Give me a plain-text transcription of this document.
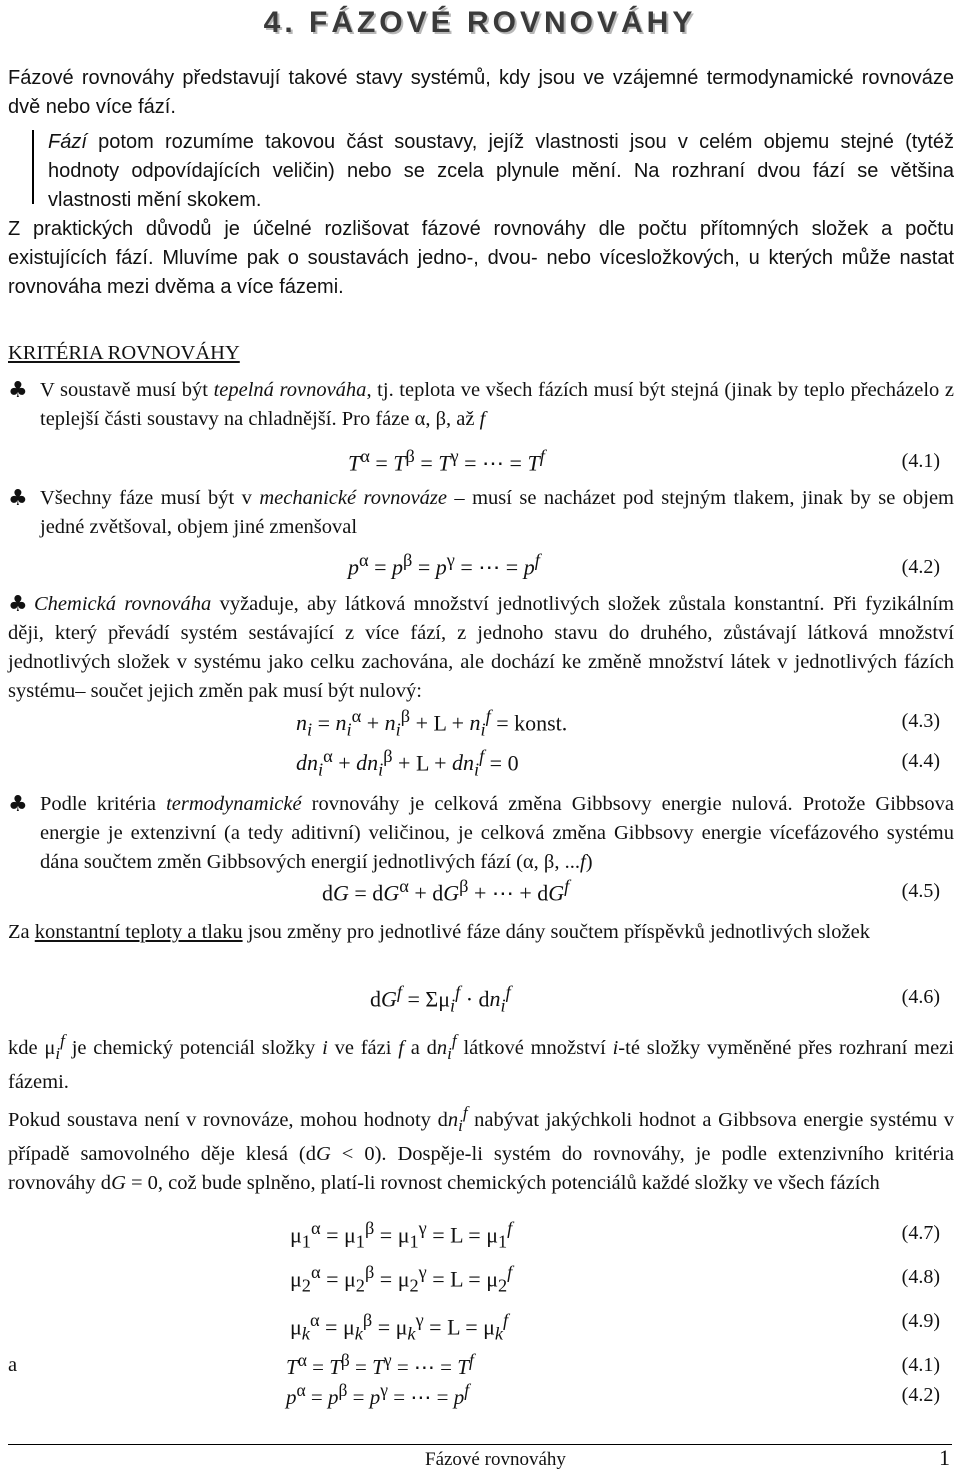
4. FÁZOVÉ ROVNOVÁHY
Fázové rovnováhy představují takové stavy systémů, kdy jsou ve vzájemné termodynamické rovnováze dvě nebo více fází.
Fází potom rozumíme takovou část soustavy, jejíž vlastnosti jsou v celém objemu stejné (tytéž hodnoty odpovídajících veličin) nebo se zcela plynule mění. Na rozhraní dvou fází se většina vlastnosti mění skokem.
Z praktických důvodů je účelné rozlišovat fázové rovnováhy dle počtu přítomných složek a počtu existujících fází. Mluvíme pak o soustavách jedno-, dvou- nebo vícesložkových, u kterých může nastat rovnováha mezi dvěma a více fázemi.
KRITÉRIA ROVNOVÁHY
♣ V soustavě musí být tepelná rovnováha, tj. teplota ve všech fázích musí být stejná (jinak by teplo přecházelo z teplejší části soustavy na chladnější. Pro fáze α, β, až f
$T^\alpha = T^\beta = T^\gamma$ = ⋯ = $T^f$	(4.1)
♣ Všechny fáze musí být v mechanické rovnováze – musí se nacházet pod stejným tlakem, jinak by se objem jedné zvětšoval, objem jiné zmenšoval
$p^\alpha = p^\beta = p^\gamma$ = ⋯ = $p^f$	(4.2)
♣ Chemická rovnováha vyžaduje, aby látková množství jednotlivých složek zůstala konstantní. Při fyzikálním ději, který převádí systém sestávající z více fází, z jednoho stavu do druhého, zůstávají látková množství jednotlivých složek v systému jako celku zachována, ale dochází ke změně množství látek v jednotlivých fázích systému– součet jejich změn pak musí být nulový:
$n_i = n_i^\alpha + n_i^\beta + L + n_i^f$ = konst.	(4.3)
$dn_i^\alpha + dn_i^\beta + L + dn_i^f = 0$	(4.4)
♣ Podle kritéria termodynamické rovnováhy je celková změna Gibbsovy energie nulová. Protože Gibbsova energie je extenzivní (a tedy aditivní) veličinou, je celková změna Gibbsovy energie vícefázového systému dána součtem změn Gibbsových energií jednotlivých fází (α, β, ...f)
dG = $dG^\alpha + dG^\beta$ + ⋯ + $dG^f$	(4.5)
Za konstantní teploty a tlaku jsou změny pro jednotlivé fáze dány součtem příspěvků jednotlivých složek
$dG^f = \Sigma\mu_i^f \cdot dn_i^f$	(4.6)
kde $\mu_i^f$ je chemický potenciál složky i ve fázi f a $dn_i^f$ látkové množství i-té složky vyměněné přes rozhraní mezi fázemi.
Pokud soustava není v rovnováze, mohou hodnoty $dn_i^f$ nabývat jakýchkoli hodnot a Gibbsova energie systému v případě samovolného děje klesá (dG < 0). Dospěje-li systém do rovnováhy, je podle extenzivního kritéria rovnováhy dG = 0, což bude splněno, platí-li rovnost chemických potenciálů každé složky ve všech fázích
$\mu_1^\alpha = \mu_1^\beta = \mu_1^\gamma = L = \mu_1^f$	(4.7)
$\mu_2^\alpha = \mu_2^\beta = \mu_2^\gamma = L = \mu_2^f$	(4.8)
$\mu_k^\alpha = \mu_k^\beta = \mu_k^\gamma = L = \mu_k^f$	(4.9)
a	$T^\alpha = T^\beta = T^\gamma$ = ⋯ = $T^f$	(4.1)
$p^\alpha = p^\beta = p^\gamma$ = ⋯ = $p^f$	(4.2)
Fázové rovnováhy	1
